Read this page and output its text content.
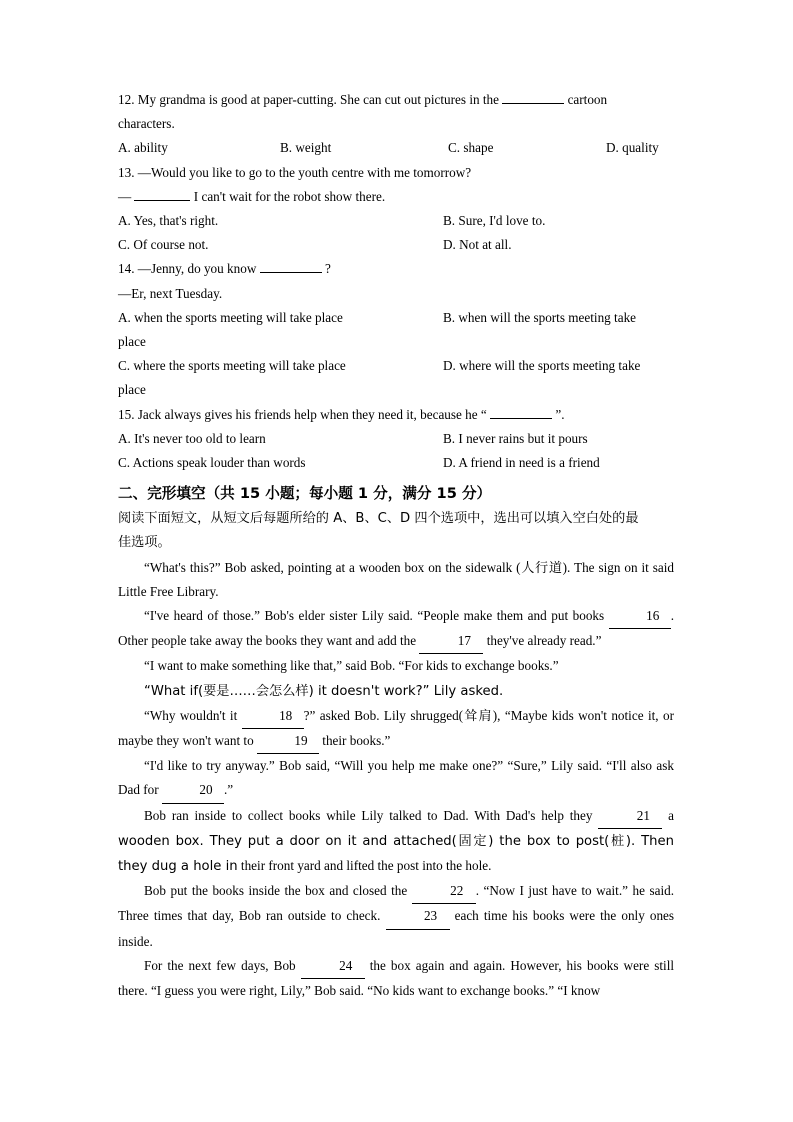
12. My grandma is good at paper-cutting. She can cut out pictures in the	cartoon
characters.
A. ability	B. weight	C. shape	D. quality
13. —Would you like to go to the youth centre with me tomorrow?
—	I can't wait for the robot show there.
A. Yes, that's right.	B. Sure, I'd love to.
C. Of course not.	D. Not at all.
14. —Jenny, do you know	?
—Er, next Tuesday.
A. when the sports meeting will take place	B. when will the sports meeting take
place
C. where the sports meeting will take place	D. where will the sports meeting take
place
15. Jack always gives his friends help when they need it, because he “	”.
A. It's never too old to learn	B. I never rains but it pours
C. Actions speak louder than words	D. A friend in need is a friend
二、完形填空（共 15 小题；每小题 1 分，满分 15 分）
阅读下面短文，从短文后每题所给的 A、B、C、D 四个选项中，选出可以填入空白处的最
佳选项。
“What's this?” Bob asked, pointing at a wooden box on the sidewalk (人行道). The sign on it said Little Free Library.
“I've heard of those.” Bob's elder sister Lily said. “People make them and put books	16 . Other people take away the books they want and add the	17 they've already read.”
“I want to make something like that,” said Bob. “For kids to exchange books.”
“What if(要是……会怎么样) it doesn't work?” Lily asked.
“Why wouldn't it	18 ?” asked Bob. Lily shrugged(耸肩), “Maybe kids won't notice it, or maybe they won't want to	19 their books.”
“I'd like to try anyway.” Bob said, “Will you help me make one?” “Sure,” Lily said. “I'll also ask Dad for	20 .”
Bob ran inside to collect books while Lily talked to Dad. With Dad's help they	21 a wooden box. They put a door on it and attached(固定) the box to post(桩). Then they dug a hole in their front yard and lifted the post into the hole.
Bob put the books inside the box and closed the	22 . “Now I just have to wait.” he said. Three times that day, Bob ran outside to check.	23 each time his books were the only ones inside.
For the next few days, Bob	24 the box again and again. However, his books were still there. “I guess you were right, Lily,” Bob said. “No kids want to exchange books.” “I know
